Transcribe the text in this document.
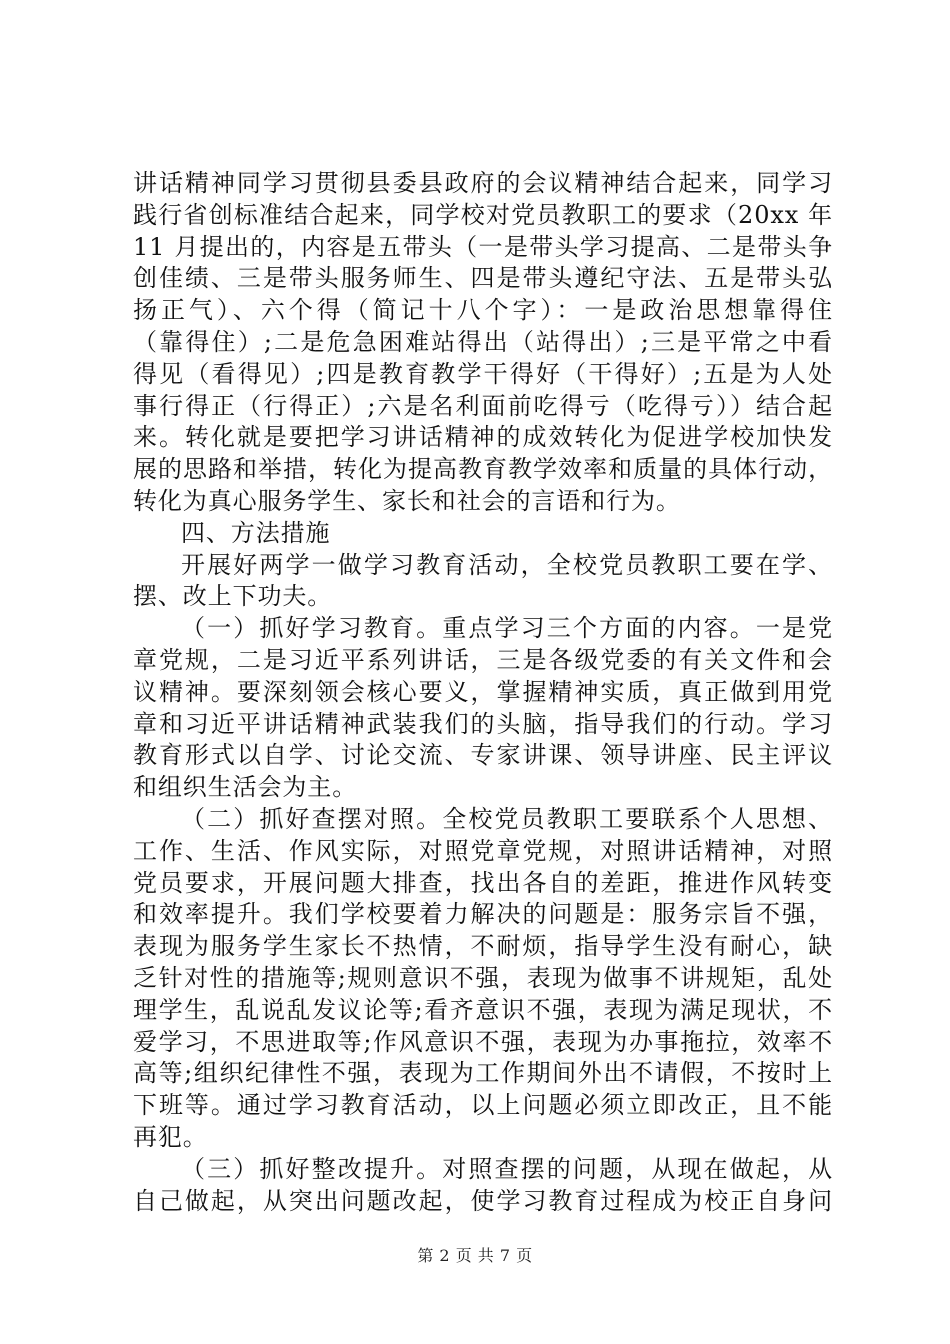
讲话精神同学习贯彻县委县政府的会议精神结合起来，同学习
践行省创标准结合起来，同学校对党员教职工的要求（20xx 年
11 月提出的，内容是五带头（一是带头学习提高、二是带头争
创佳绩、三是带头服务师生、四是带头遵纪守法、五是带头弘
扬正气）、六个得（简记十八个字）：一是政治思想靠得住
（靠得住）;二是危急困难站得出（站得出）;三是平常之中看
得见（看得见）;四是教育教学干得好（干得好）;五是为人处
事行得正（行得正）;六是名利面前吃得亏（吃得亏））结合起
来。转化就是要把学习讲话精神的成效转化为促进学校加快发
展的思路和举措，转化为提高教育教学效率和质量的具体行动，
转化为真心服务学生、家长和社会的言语和行为。
四、方法措施
开展好两学一做学习教育活动，全校党员教职工要在学、
摆、改上下功夫。
（一）抓好学习教育。重点学习三个方面的内容。一是党
章党规，二是习近平系列讲话，三是各级党委的有关文件和会
议精神。要深刻领会核心要义，掌握精神实质，真正做到用党
章和习近平讲话精神武装我们的头脑，指导我们的行动。学习
教育形式以自学、讨论交流、专家讲课、领导讲座、民主评议
和组织生活会为主。
（二）抓好查摆对照。全校党员教职工要联系个人思想、
工作、生活、作风实际，对照党章党规，对照讲话精神，对照
党员要求，开展问题大排查，找出各自的差距，推进作风转变
和效率提升。我们学校要着力解决的问题是：服务宗旨不强，
表现为服务学生家长不热情，不耐烦，指导学生没有耐心，缺
乏针对性的措施等;规则意识不强，表现为做事不讲规矩，乱处
理学生，乱说乱发议论等;看齐意识不强，表现为满足现状，不
爱学习，不思进取等;作风意识不强，表现为办事拖拉，效率不
高等;组织纪律性不强，表现为工作期间外出不请假，不按时上
下班等。通过学习教育活动，以上问题必须立即改正，且不能
再犯。
（三）抓好整改提升。对照查摆的问题，从现在做起，从
自己做起，从突出问题改起，使学习教育过程成为校正自身问
第 2 页 共 7 页
